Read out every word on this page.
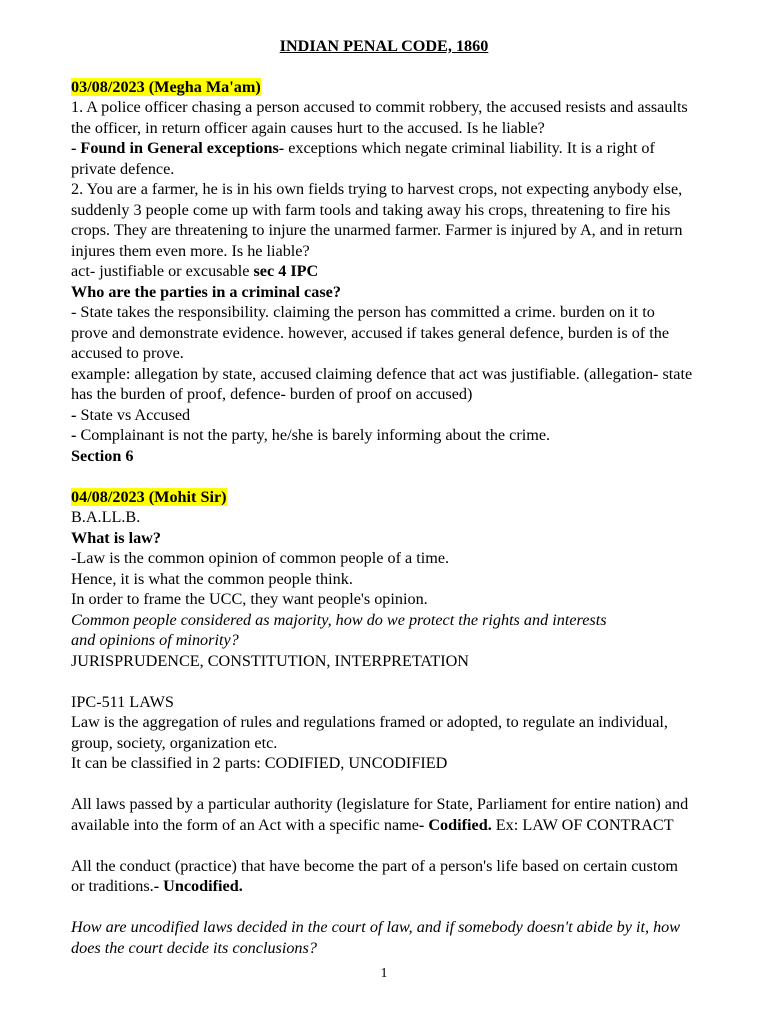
INDIAN PENAL CODE, 1860
03/08/2023 (Megha Ma'am)
1. A police officer chasing a person accused to commit robbery, the accused resists and assaults
the officer, in return officer again causes hurt to the accused. Is he liable?
- Found in General exceptions- exceptions which negate criminal liability. It is a right of
private defence.
2. You are a farmer, he is in his own fields trying to harvest crops, not expecting anybody else,
suddenly 3 people come up with farm tools and taking away his crops, threatening to fire his
crops. They are threatening to injure the unarmed farmer. Farmer is injured by A, and in return
injures them even more. Is he liable?
act- justifiable or excusable sec 4 IPC
Who are the parties in a criminal case?
- State takes the responsibility. claiming the person has committed a crime. burden on it to
prove and demonstrate evidence. however, accused if takes general defence, burden is of the
accused to prove.
example: allegation by state, accused claiming defence that act was justifiable. (allegation- state
has the burden of proof, defence- burden of proof on accused)
- State vs Accused
- Complainant is not the party, he/she is barely informing about the crime.
Section 6
04/08/2023 (Mohit Sir)
B.A.LL.B.
What is law?
-Law is the common opinion of common people of a time.
Hence, it is what the common people think.
In order to frame the UCC, they want people's opinion.
Common people considered as majority, how do we protect the rights and interests
and opinions of minority?
JURISPRUDENCE, CONSTITUTION, INTERPRETATION
IPC-511 LAWS
Law is the aggregation of rules and regulations framed or adopted, to regulate an individual,
group, society, organization etc.
It can be classified in 2 parts: CODIFIED, UNCODIFIED
All laws passed by a particular authority (legislature for State, Parliament for entire nation) and
available into the form of an Act with a specific name- Codified. Ex: LAW OF CONTRACT
All the conduct (practice) that have become the part of a person's life based on certain custom
or traditions.- Uncodified.
How are uncodified laws decided in the court of law, and if somebody doesn't abide by it, how
does the court decide its conclusions?
1
